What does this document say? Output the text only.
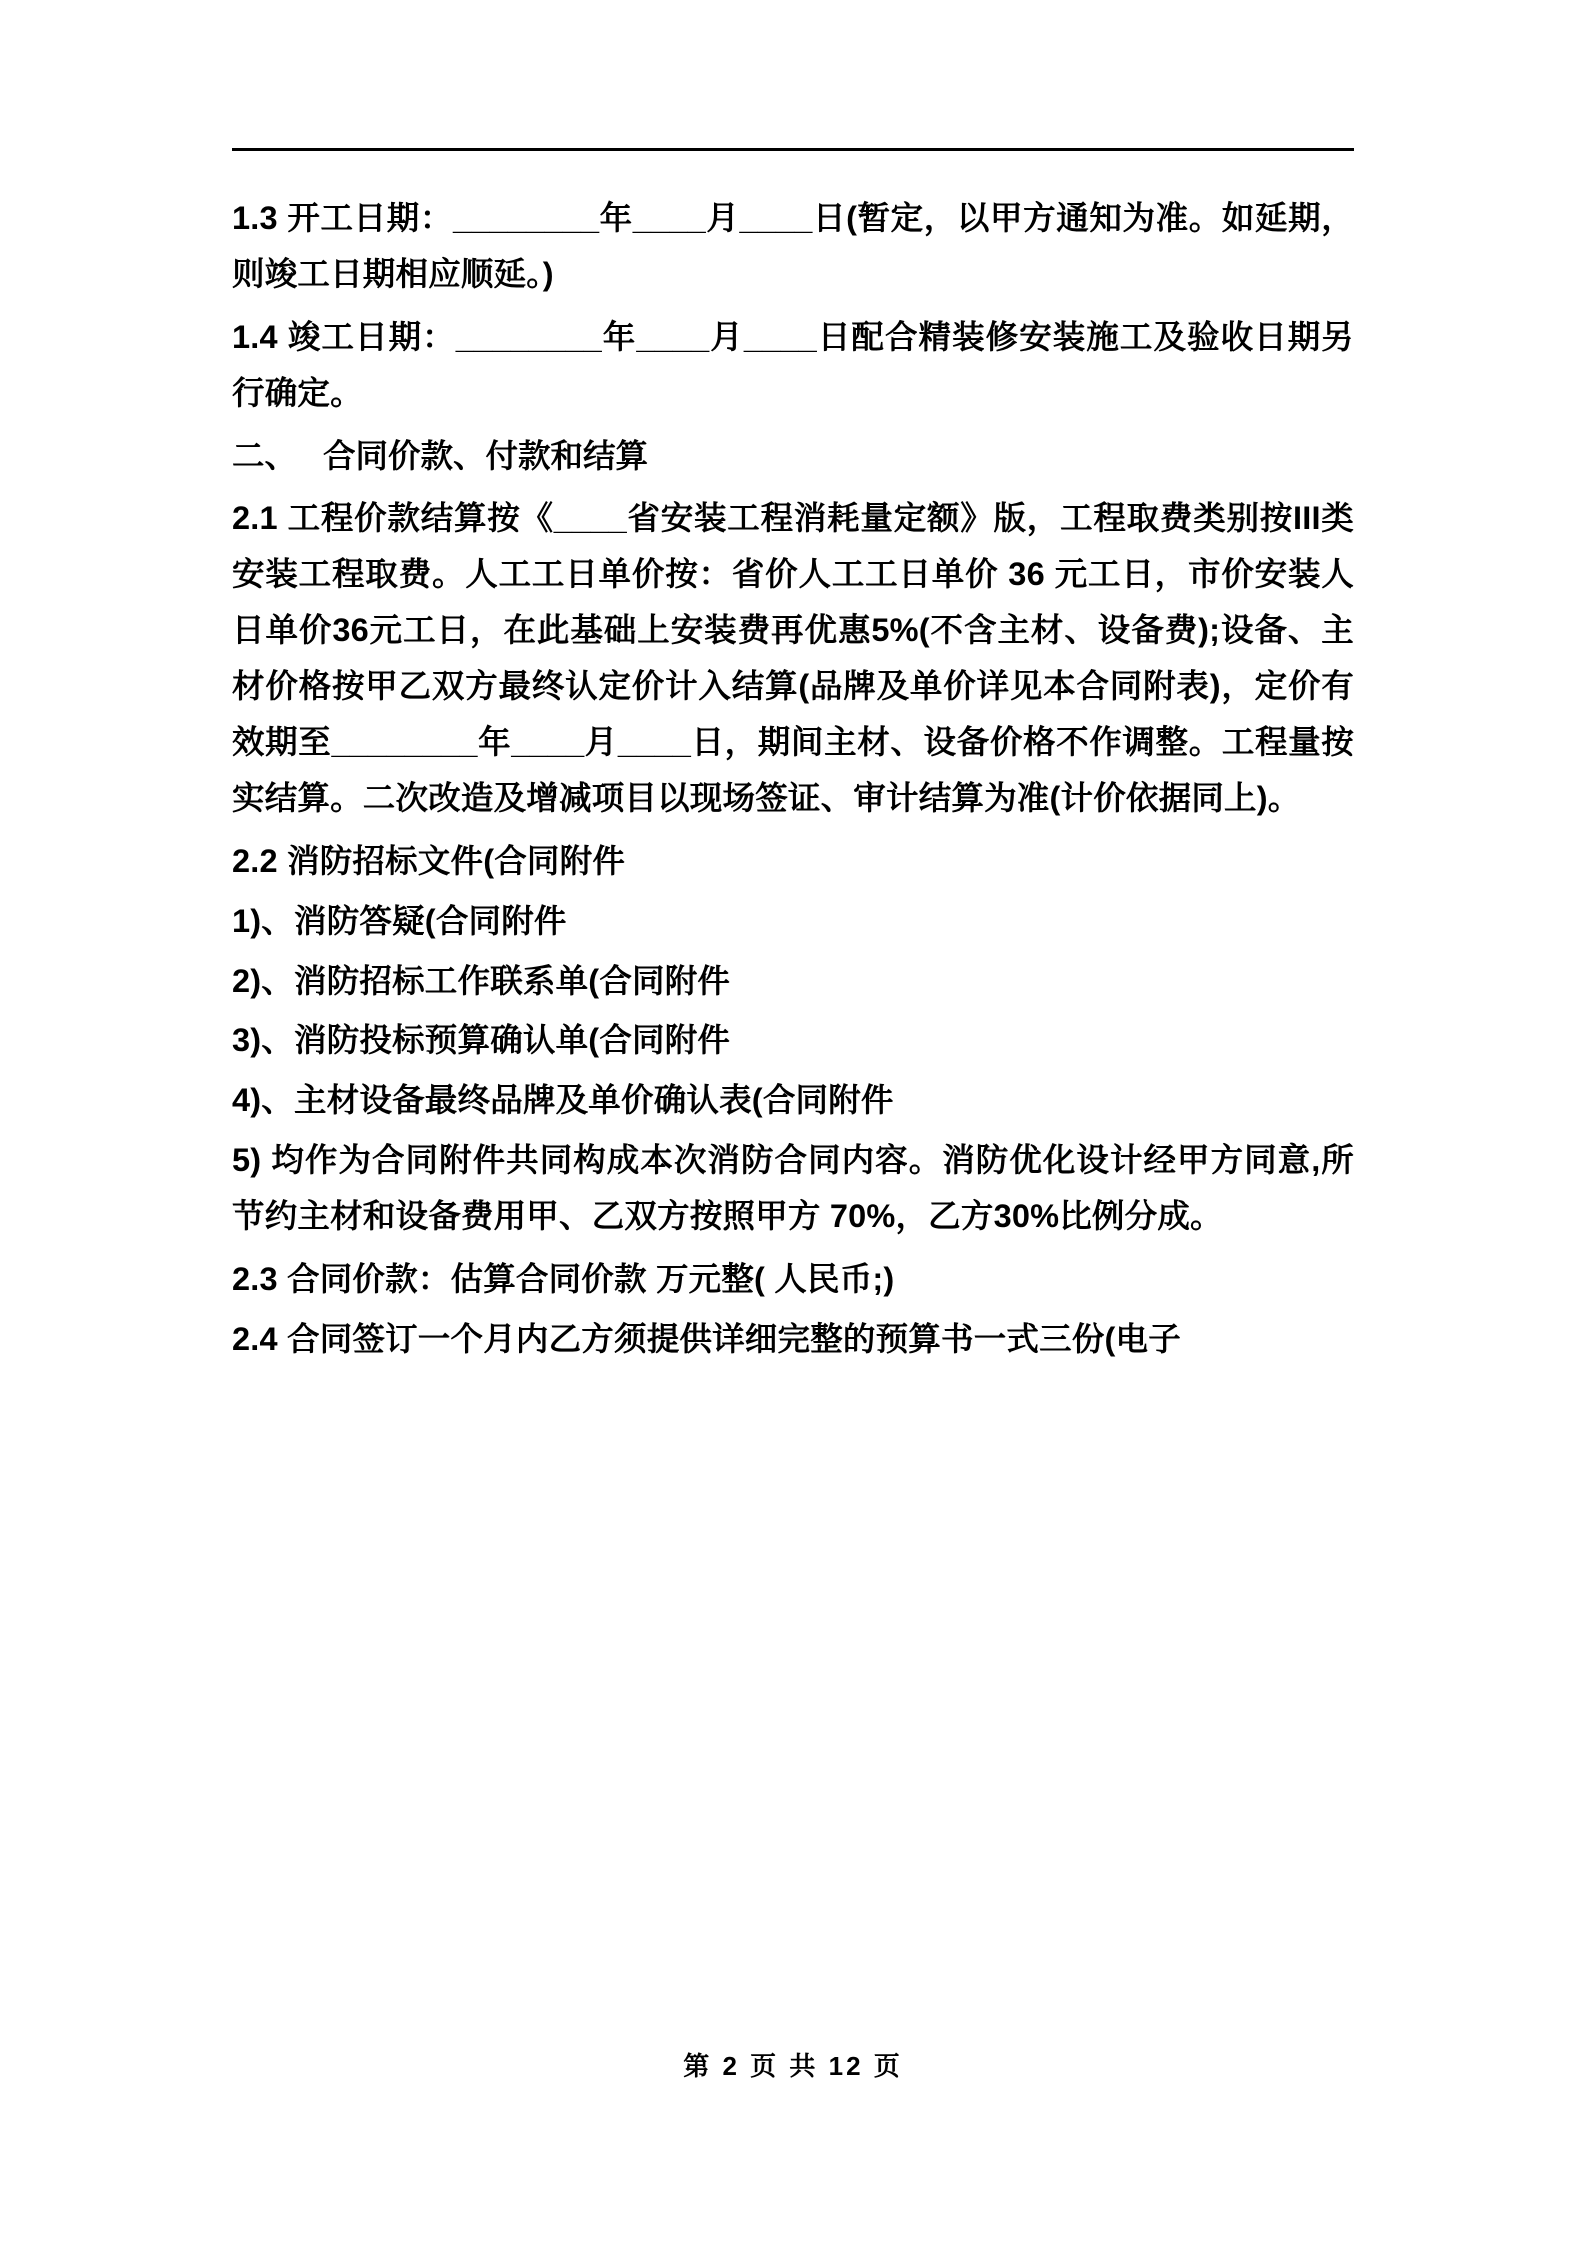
1.3 开工日期：________年____月____日(暂定，以甲方通知为准。如延期，则竣工日期相应顺延。)

1.4 竣工日期：________年____月____日配合精装修安装施工及验收日期另行确定。

二、 合同价款、付款和结算

2.1 工程价款结算按《____省安装工程消耗量定额》版，工程取费类别按III类安装工程取费。人工工日单价按：省价人工工日单价 36 元工日，市价安装人日单价36元工日，在此基础上安装费再优惠5%(不含主材、设备费);设备、主材价格按甲乙双方最终认定价计入结算(品牌及单价详见本合同附表)，定价有效期至________年____月____日，期间主材、设备价格不作调整。工程量按实结算。二次改造及增减项目以现场签证、审计结算为准(计价依据同上)。

2.2 消防招标文件(合同附件

1)、消防答疑(合同附件

2)、消防招标工作联系单(合同附件

3)、消防投标预算确认单(合同附件

4)、主材设备最终品牌及单价确认表(合同附件

5) 均作为合同附件共同构成本次消防合同内容。消防优化设计经甲方同意,所节约主材和设备费用甲、乙双方按照甲方 70%，乙方30%比例分成。

2.3 合同价款：估算合同价款 万元整( 人民币;)

2.4 合同签订一个月内乙方须提供详细完整的预算书一式三份(电子

第 2 页 共 12 页
